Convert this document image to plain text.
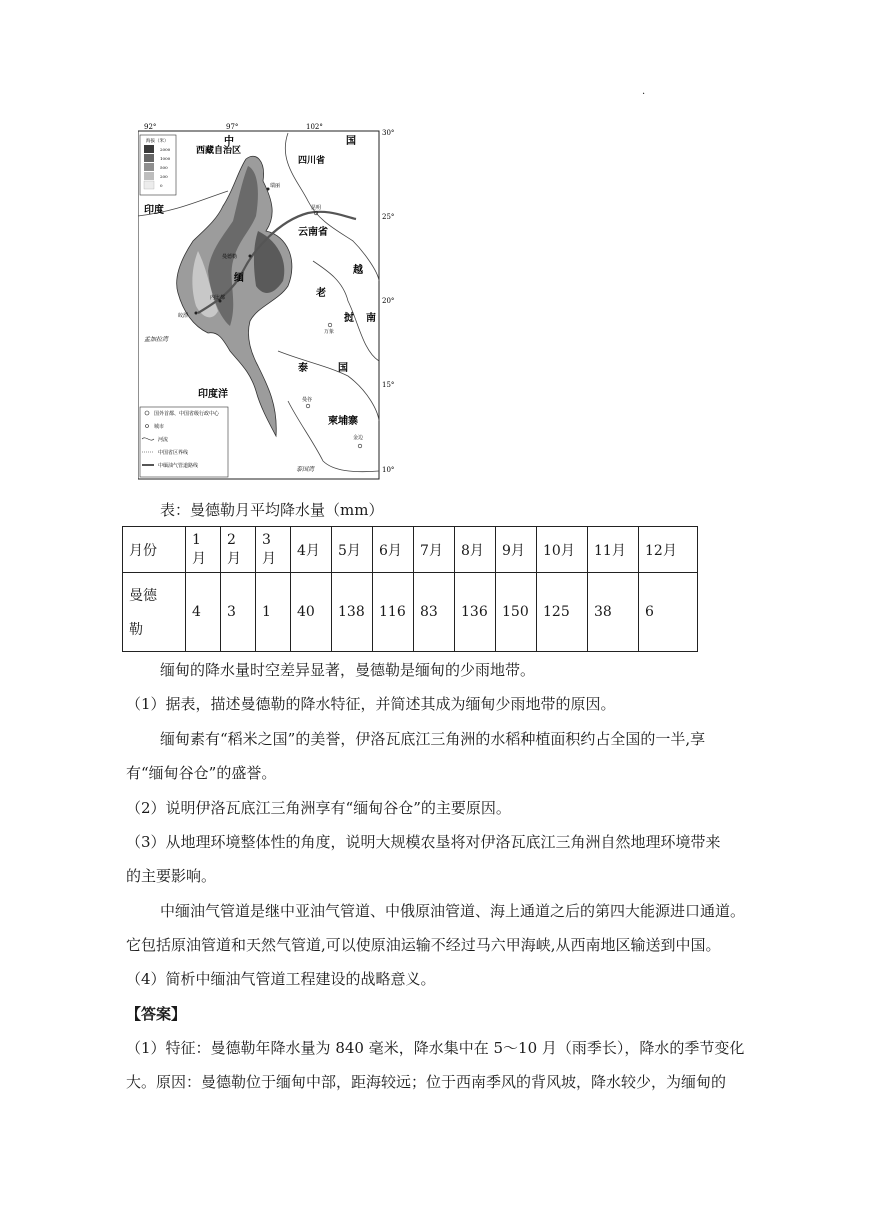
.
92°	97°	102°
30°
25°
20°
15°
10°
海拔（米）
2000
1000
500
200
0
中	国
西藏自治区
四川省
印度
云南省
缅
老
挝
越
南
泰	国
柬埔寨
印度洋
孟加拉湾
泰国湾
昆明
曼德勒
皎漂
内比都
万象
曼谷
金边
瑞丽
国外首都、中国省级行政中心
城市
河流
中国省区界线
中缅油气管道路线
表：曼德勒月平均降水量（mm）
月份	1月	2月	3月	4月	5月	6月	7月	8月	9月	10月	11月	12月

曼德
勒	4	3	1	40	138	116	83	136	150	125	38	6
缅甸的降水量时空差异显著，曼德勒是缅甸的少雨地带。
（1）据表，描述曼德勒的降水特征，并简述其成为缅甸少雨地带的原因。
缅甸素有“稻米之国”的美誉，伊洛瓦底江三角洲的水稻种植面积约占全国的一半,享
有“缅甸谷仓”的盛誉。
（2）说明伊洛瓦底江三角洲享有“缅甸谷仓”的主要原因。
（3）从地理环境整体性的角度，说明大规模农垦将对伊洛瓦底江三角洲自然地理环境带来
的主要影响。
中缅油气管道是继中亚油气管道、中俄原油管道、海上通道之后的第四大能源进口通道。
它包括原油管道和天然气管道,可以使原油运输不经过马六甲海峡,从西南地区输送到中国。
（4）简析中缅油气管道工程建设的战略意义。
【答案】
（1）特征：曼德勒年降水量为 840 毫米，降水集中在 5～10 月（雨季长），降水的季节变化
大。原因：曼德勒位于缅甸中部，距海较远；位于西南季风的背风坡，降水较少，为缅甸的
